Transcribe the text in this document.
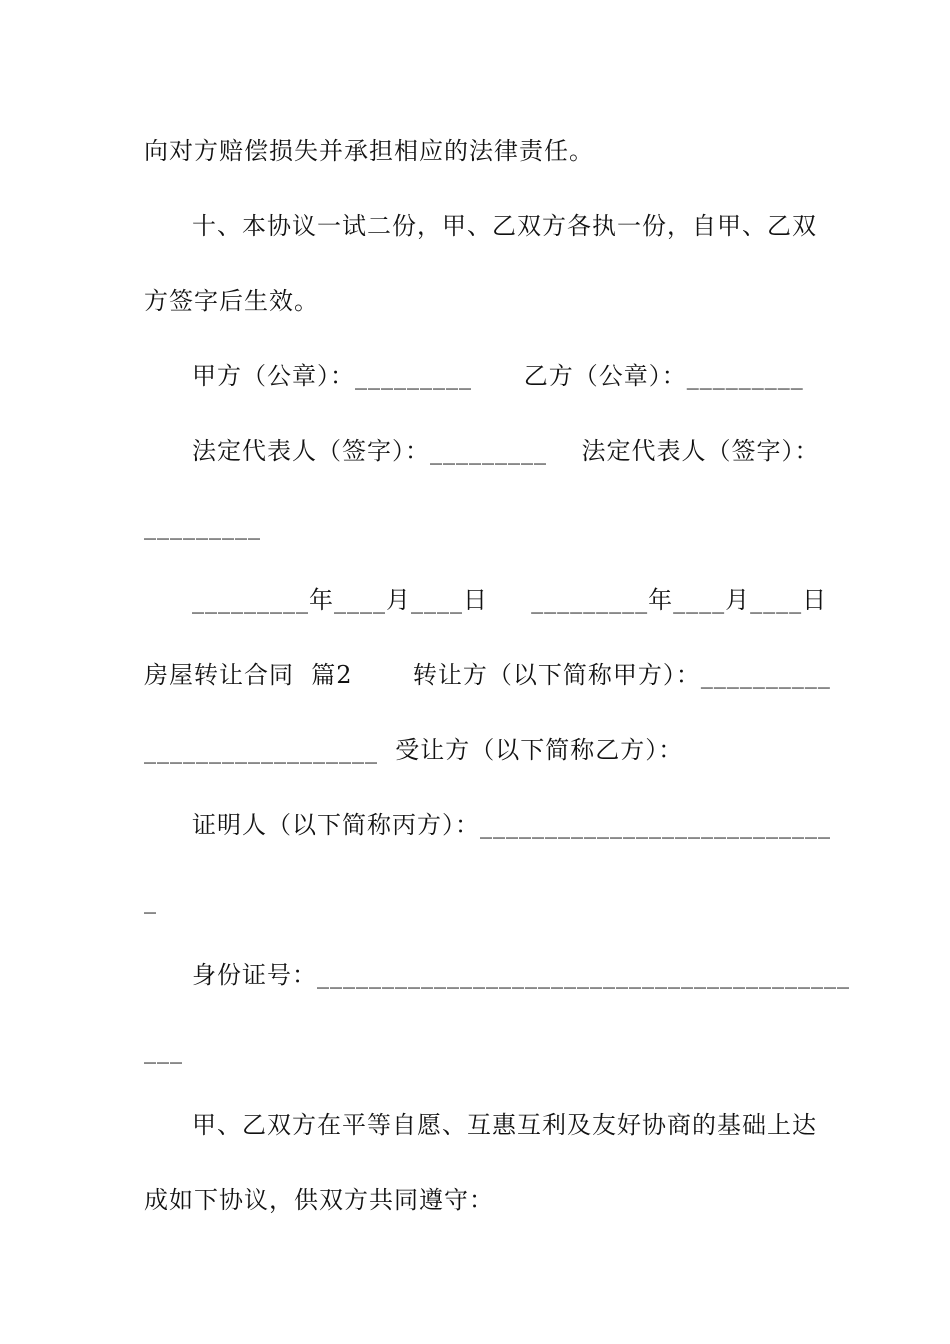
向对方赔偿损失并承担相应的法律责任。
十、本协议一试二份，甲、乙双方各执一份，自甲、乙双
方签字后生效。
甲方（公章）：_________      乙方（公章）：_________
法定代表人（签字）：_________    法定代表人（签字）：
_________
_________年____月____日     _________年____月____日
房屋转让合同  篇2       转让方（以下简称甲方）：__________
__________________  受让方（以下简称乙方）：
证明人（以下简称丙方）：___________________________
_
身份证号：_________________________________________
___
甲、乙双方在平等自愿、互惠互利及友好协商的基础上达
成如下协议，供双方共同遵守：
